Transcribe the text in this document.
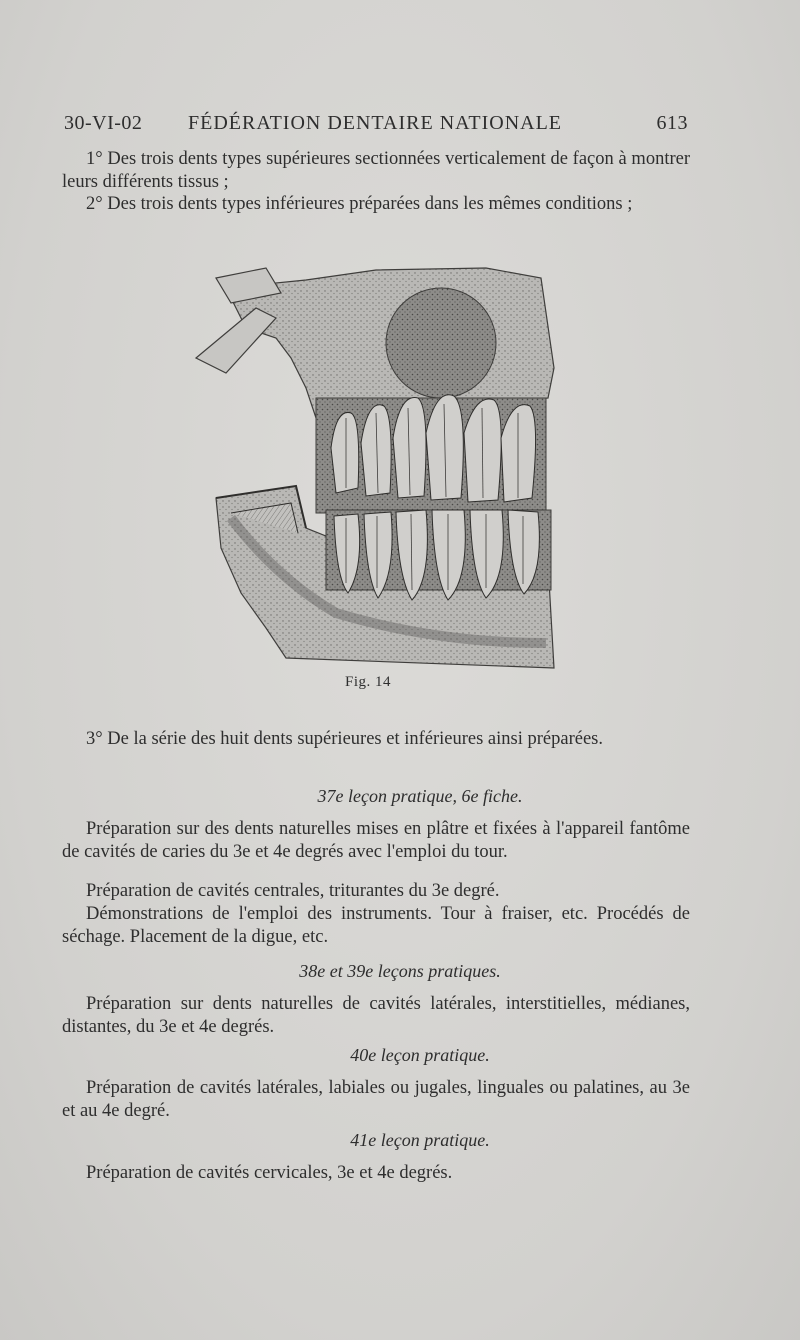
30-VI-02 FÉDÉRATION DENTAIRE NATIONALE	613
1° Des trois dents types supérieures sectionnées verticalement de façon à montrer leurs différents tissus ;
2° Des trois dents types inférieures préparées dans les mêmes conditions ;
Fig. 14
3° De la série des huit dents supérieures et inférieures ainsi préparées.
37e leçon pratique, 6e fiche.
Préparation sur des dents naturelles mises en plâtre et fixées à l'appareil fantôme de cavités de caries du 3e et 4e degrés avec l'emploi du tour.
Préparation de cavités centrales, triturantes du 3e degré.
Démonstrations de l'emploi des instruments. Tour à fraiser, etc. Procédés de séchage. Placement de la digue, etc.
38e et 39e leçons pratiques.
Préparation sur dents naturelles de cavités latérales, interstitielles, médianes, distantes, du 3e et 4e degrés.
40e leçon pratique.
Préparation de cavités latérales, labiales ou jugales, linguales ou palatines, au 3e et au 4e degré.
41e leçon pratique.
Préparation de cavités cervicales, 3e et 4e degrés.
